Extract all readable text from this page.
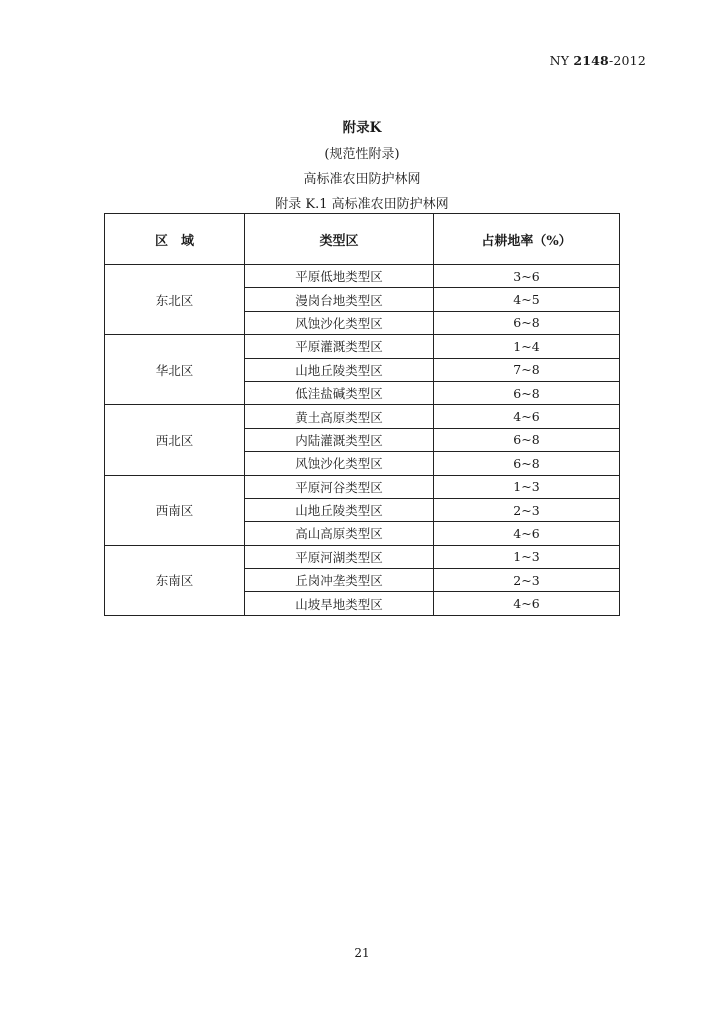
NY 2148-2012
附录K
(规范性附录)
高标准农田防护林网
附录 K.1 高标准农田防护林网
区　域	类型区	占耕地率（%）
东北区	平原低地类型区	3~6
	漫岗台地类型区	4~5
	风蚀沙化类型区	6~8
华北区	平原灌溉类型区	1~4
	山地丘陵类型区	7~8
	低洼盐碱类型区	6~8
西北区	黄土高原类型区	4~6
	内陆灌溉类型区	6~8
	风蚀沙化类型区	6~8
西南区	平原河谷类型区	1~3
	山地丘陵类型区	2~3
	高山高原类型区	4~6
东南区	平原河湖类型区	1~3
	丘岗冲垄类型区	2~3
	山坡旱地类型区	4~6
21
